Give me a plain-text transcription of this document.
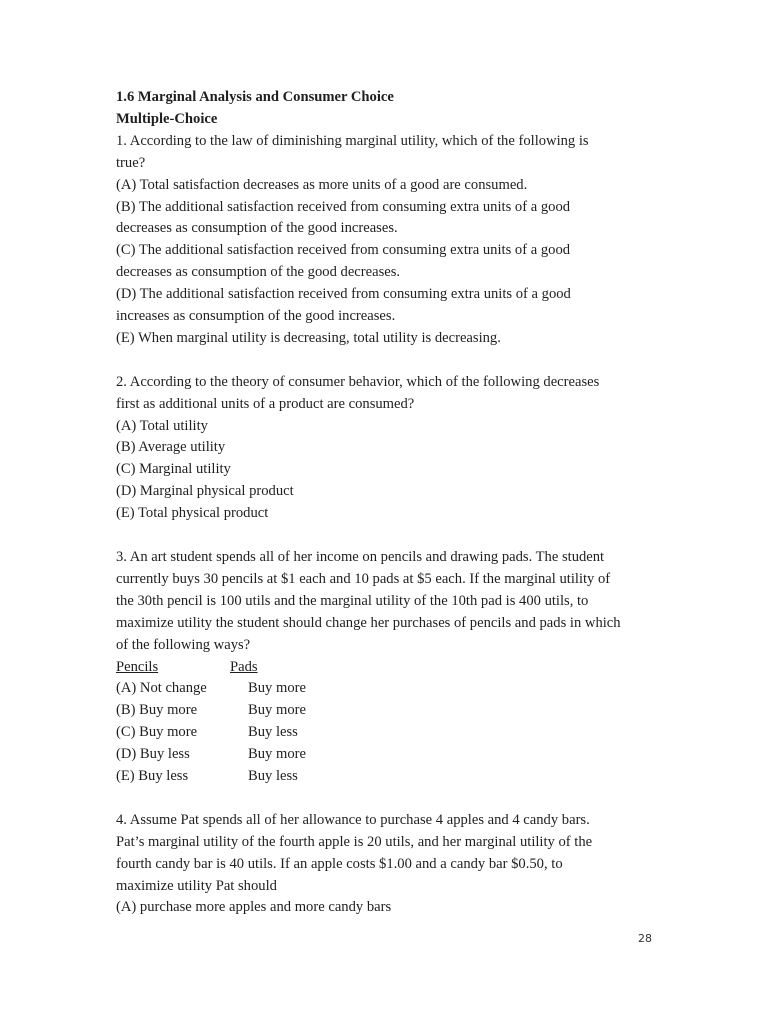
1.6 Marginal Analysis and Consumer Choice
Multiple-Choice
1. According to the law of diminishing marginal utility, which of the following is
true?
(A) Total satisfaction decreases as more units of a good are consumed.
(B) The additional satisfaction received from consuming extra units of a good
decreases as consumption of the good increases.
(C) The additional satisfaction received from consuming extra units of a good
decreases as consumption of the good decreases.
(D) The additional satisfaction received from consuming extra units of a good
increases as consumption of the good increases.
(E) When marginal utility is decreasing, total utility is decreasing.
2. According to the theory of consumer behavior, which of the following decreases
first as additional units of a product are consumed?
(A) Total utility
(B) Average utility
(C) Marginal utility
(D) Marginal physical product
(E) Total physical product
3. An art student spends all of her income on pencils and drawing pads. The student
currently buys 30 pencils at $1 each and 10 pads at $5 each. If the marginal utility of
the 30th pencil is 100 utils and the marginal utility of the 10th pad is 400 utils, to
maximize utility the student should change her purchases of pencils and pads in which
of the following ways?
Pencils	Pads
(A) Not change	Buy more
(B) Buy more	Buy more
(C) Buy more	Buy less
(D) Buy less	Buy more
(E) Buy less	Buy less
4. Assume Pat spends all of her allowance to purchase 4 apples and 4 candy bars.
Pat’s marginal utility of the fourth apple is 20 utils, and her marginal utility of the
fourth candy bar is 40 utils. If an apple costs $1.00 and a candy bar $0.50, to
maximize utility Pat should
(A) purchase more apples and more candy bars
28
